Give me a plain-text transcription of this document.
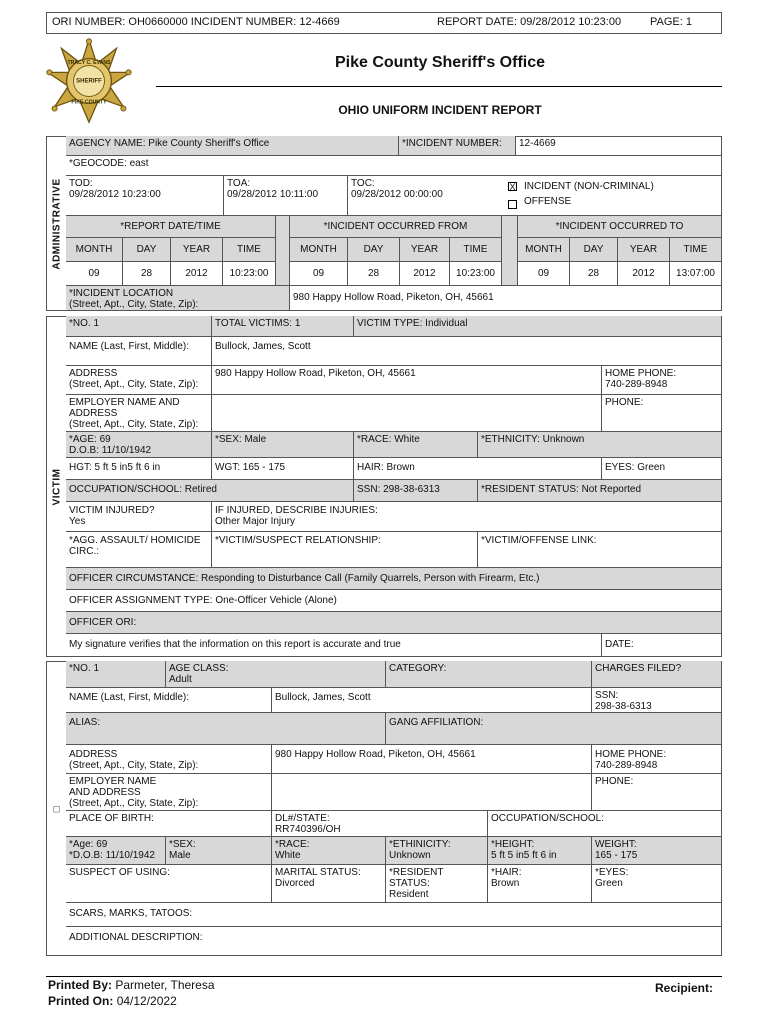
ORI NUMBER: OH0660000 INCIDENT NUMBER: 12-4669	REPORT DATE: 09/28/2012 10:23:00	PAGE: 1
TRACY C. EVANS
SHERIFF
PIKE COUNTY
Pike County Sheriff's Office
OHIO UNIFORM INCIDENT REPORT
ADMINISTRATIVE
AGENCY NAME: Pike County Sheriff's Office	*INCIDENT NUMBER:	12-4669
*GEOCODE: east
TOD:
09/28/2012 10:23:00
TOA:
09/28/2012 10:11:00
TOC:
09/28/2012 00:00:00
X INCIDENT (NON-CRIMINAL)
OFFENSE
*REPORT DATE/TIME	*INCIDENT OCCURRED FROM	*INCIDENT OCCURRED TO
MONTH	DAY	YEAR	TIME	MONTH	DAY	YEAR	TIME	MONTH	DAY	YEAR	TIME
09	28	2012	10:23:00	09	28	2012	10:23:00	09	28	2012	13:07:00
*INCIDENT LOCATION
(Street, Apt., City, State, Zip):
980 Happy Hollow Road, Piketon, OH, 45661
VICTIM
*NO. 1	TOTAL VICTIMS: 1	VICTIM TYPE: Individual
NAME (Last, First, Middle):	Bullock, James, Scott
ADDRESS
(Street, Apt., City, State, Zip):
980 Happy Hollow Road, Piketon, OH, 45661	HOME PHONE:
740-289-8948
EMPLOYER NAME AND
ADDRESS
(Street, Apt., City, State, Zip):
PHONE:
*AGE: 69
D.O.B: 11/10/1942
*SEX: Male	*RACE: White	*ETHNICITY: Unknown
HGT: 5 ft 5 in5 ft 6 in	WGT: 165 - 175	HAIR: Brown	EYES: Green
OCCUPATION/SCHOOL: Retired	SSN: 298-38-6313	*RESIDENT STATUS: Not Reported
VICTIM INJURED?
Yes
IF INJURED, DESCRIBE INJURIES:
Other Major Injury
*AGG. ASSAULT/ HOMICIDE
CIRC.:
*VICTIM/SUSPECT RELATIONSHIP:	*VICTIM/OFFENSE LINK:
OFFICER CIRCUMSTANCE: Responding to Disturbance Call (Family Quarrels, Person with Firearm, Etc.)
OFFICER ASSIGNMENT TYPE: One-Officer Vehicle (Alone)
OFFICER ORI:
My signature verifies that the information on this report is accurate and true	DATE:
□
*NO. 1	AGE CLASS:
Adult
CATEGORY:	CHARGES FILED?
NAME (Last, First, Middle):	Bullock, James, Scott	SSN:
298-38-6313
ALIAS:	GANG AFFILIATION:
ADDRESS
(Street, Apt., City, State, Zip):
980 Happy Hollow Road, Piketon, OH, 45661	HOME PHONE:
740-289-8948
EMPLOYER NAME
AND ADDRESS
(Street, Apt., City, State, Zip):
PHONE:
PLACE OF BIRTH:	DL#/STATE:
RR740396/OH
OCCUPATION/SCHOOL:
*Age: 69
*D.O.B: 11/10/1942
*SEX:
Male
*RACE:
White
*ETHINICITY:
Unknown
*HEIGHT:
5 ft 5 in5 ft 6 in
WEIGHT:
165 - 175
SUSPECT OF USING:	MARITAL STATUS:
Divorced
*RESIDENT
STATUS:
Resident
*HAIR:
Brown
*EYES:
Green
SCARS, MARKS, TATOOS:
ADDITIONAL DESCRIPTION:
Printed By: Parmeter, Theresa
Printed On: 04/12/2022
Recipient:
